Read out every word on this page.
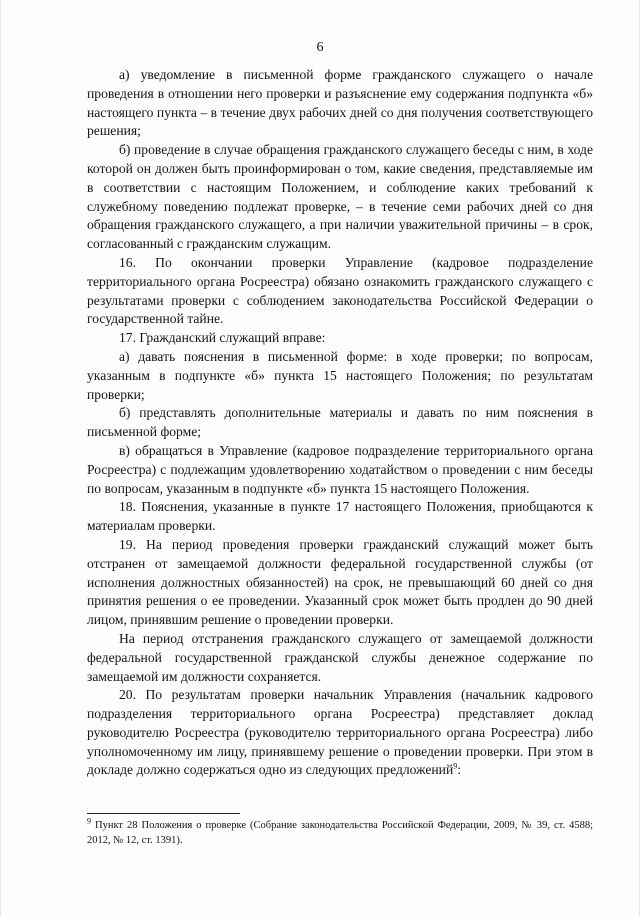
6

а) уведомление в письменной форме гражданского служащего о начале проведения в отношении него проверки и разъяснение ему содержания подпункта «б» настоящего пункта – в течение двух рабочих дней со дня получения соответствующего решения;

б) проведение в случае обращения гражданского служащего беседы с ним, в ходе которой он должен быть проинформирован о том, какие сведения, представляемые им в соответствии с настоящим Положением, и соблюдение каких требований к служебному поведению подлежат проверке, – в течение семи рабочих дней со дня обращения гражданского служащего, а при наличии уважительной причины – в срок, согласованный с гражданским служащим.

16. По окончании проверки Управление (кадровое подразделение территориального органа Росреестра) обязано ознакомить гражданского служащего с результатами проверки с соблюдением законодательства Российской Федерации о государственной тайне.

17. Гражданский служащий вправе:

а) давать пояснения в письменной форме: в ходе проверки; по вопросам, указанным в подпункте «б» пункта 15 настоящего Положения; по результатам проверки;

б) представлять дополнительные материалы и давать по ним пояснения в письменной форме;

в) обращаться в Управление (кадровое подразделение территориального органа Росреестра) с подлежащим удовлетворению ходатайством о проведении с ним беседы по вопросам, указанным в подпункте «б» пункта 15 настоящего Положения.

18. Пояснения, указанные в пункте 17 настоящего Положения, приобщаются к материалам проверки.

19. На период проведения проверки гражданский служащий может быть отстранен от замещаемой должности федеральной государственной службы (от исполнения должностных обязанностей) на срок, не превышающий 60 дней со дня принятия решения о ее проведении. Указанный срок может быть продлен до 90 дней лицом, принявшим решение о проведении проверки.

На период отстранения гражданского служащего от замещаемой должности федеральной государственной гражданской службы денежное содержание по замещаемой им должности сохраняется.

20. По результатам проверки начальник Управления (начальник кадрового подразделения территориального органа Росреестра) представляет доклад руководителю Росреестра (руководителю территориального органа Росреестра) либо уполномоченному им лицу, принявшему решение о проведении проверки. При этом в докладе должно содержаться одно из следующих предложений$^9$:

$^9$ Пункт 28 Положения о проверке (Собрание законодательства Российской Федерации, 2009, № 39, ст. 4588; 2012, № 12, ст. 1391).
